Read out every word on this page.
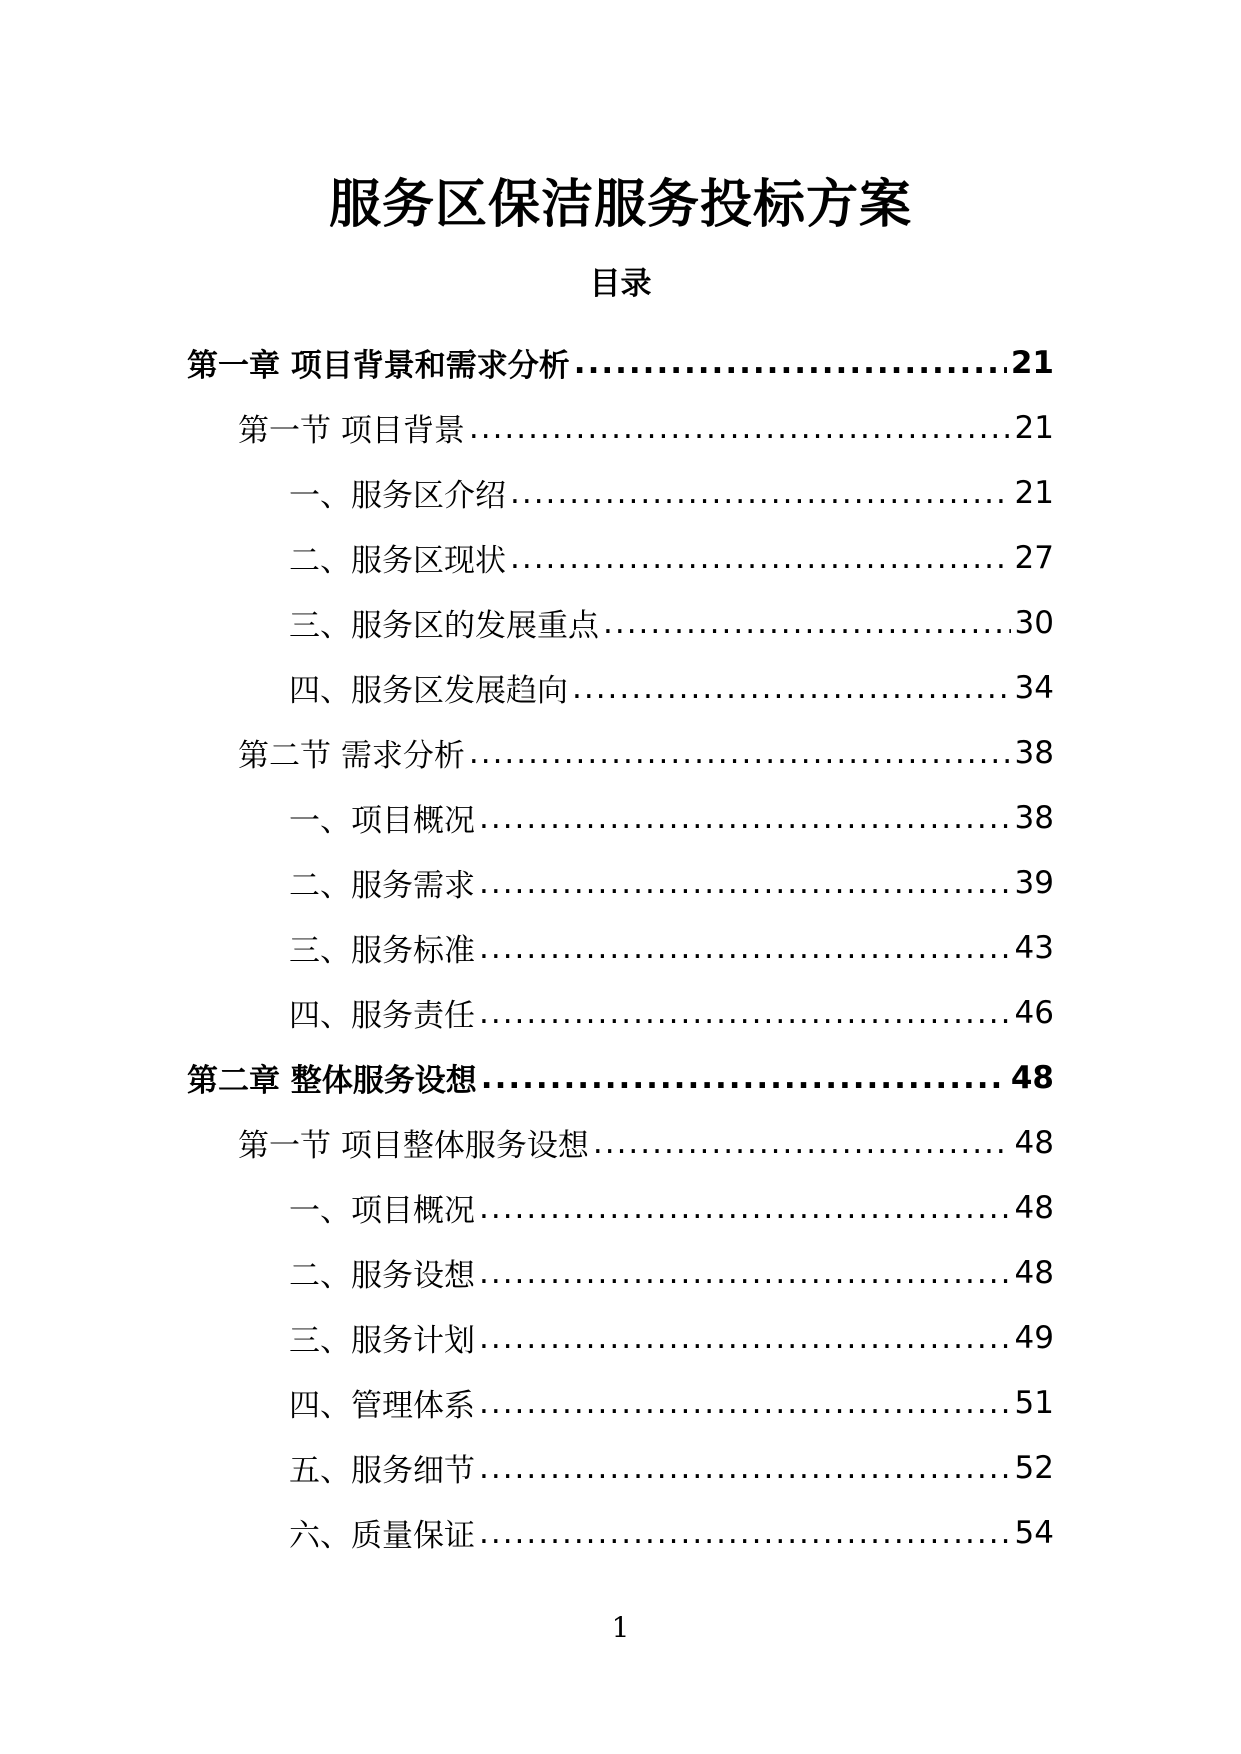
服务区保洁服务投标方案
目录
第一章 项目背景和需求分析 .....	21
第一节 项目背景 .....	21
一、服务区介绍 .....	21
二、服务区现状 .....	27
三、服务区的发展重点 .....	30
四、服务区发展趋向 .....	34
第二节 需求分析 .....	38
一、项目概况 .....	38
二、服务需求 .....	39
三、服务标准 .....	43
四、服务责任 .....	46
第二章 整体服务设想 .....	48
第一节 项目整体服务设想 .....	48
一、项目概况 .....	48
二、服务设想 .....	48
三、服务计划 .....	49
四、管理体系 .....	51
五、服务细节 .....	52
六、质量保证 .....	54
1
